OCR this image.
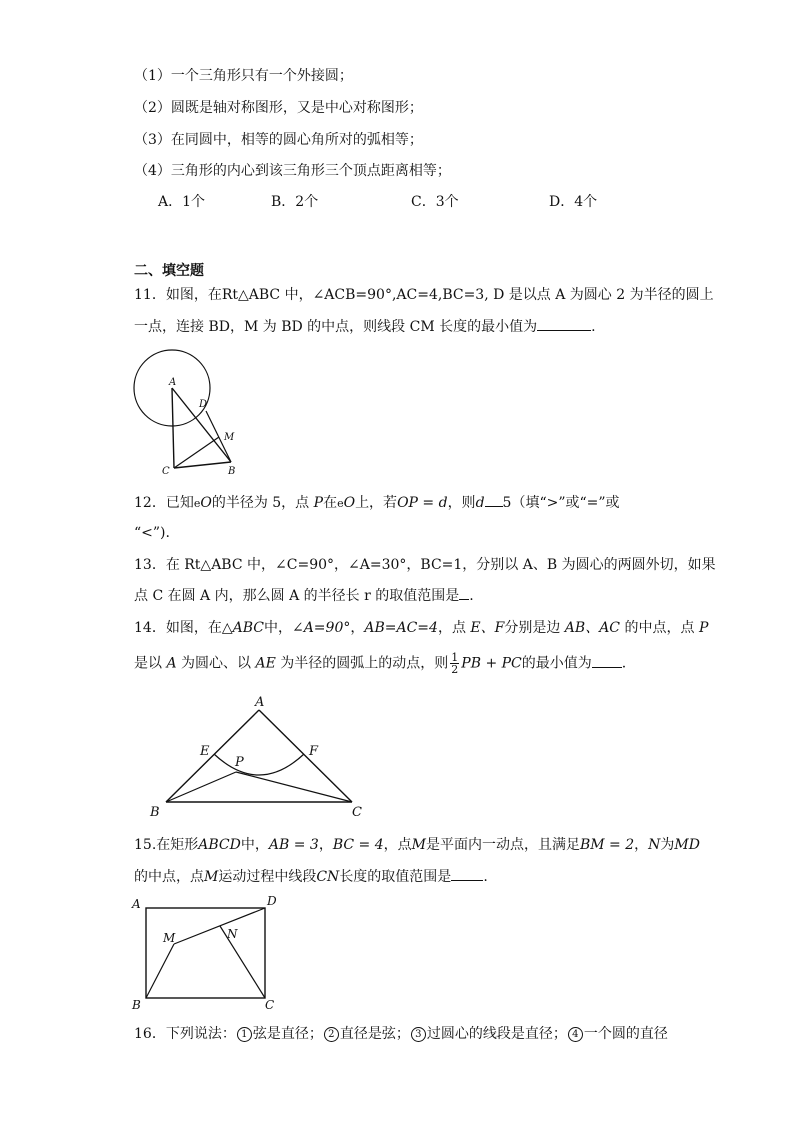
（1）一个三角形只有一个外接圆；
（2）圆既是轴对称图形，又是中心对称图形；
（3）在同圆中，相等的圆心角所对的弧相等；
（4）三角形的内心到该三角形三个顶点距离相等；
A．1个	B．2个	C．3个	D．4个
二、填空题
11．如图，在Rt△ABC 中，∠ACB=90°,AC=4,BC=3, D 是以点 A 为圆心 2 为半径的圆上
一点，连接 BD，M 为 BD 的中点，则线段 CM 长度的最小值为	.
A
D
M
C	B
12．已知eO的半径为 5，点 P在eO上，若OP = d，则d 5（填“>”或“=”或
“<”).
13．在 Rt△ABC 中，∠C=90°，∠A=30°，BC=1，分别以 A、B 为圆心的两圆外切，如果
点 C 在圆 A 内，那么圆 A 的半径长 r 的取值范围是 .
14．如图，在△ABC中，∠A=90°，AB=AC=4，点 E、F分别是边 AB、AC 的中点，点 P
是以 A 为圆心、以 AE 为半径的圆弧上的动点，则 $\frac{1}{2}$ PB + PC的最小值为 .
A
E	F
P
B	C
15.在矩形ABCD中，AB = 3，BC = 4，点M是平面内一动点，且满足BM = 2，N为MD
的中点，点M运动过程中线段CN长度的取值范围是 .
A	D
M	N
B	C
16．下列说法： 1 弦是直径； 2 直径是弦； 3 过圆心的线段是直径； 4 一个圆的直径
